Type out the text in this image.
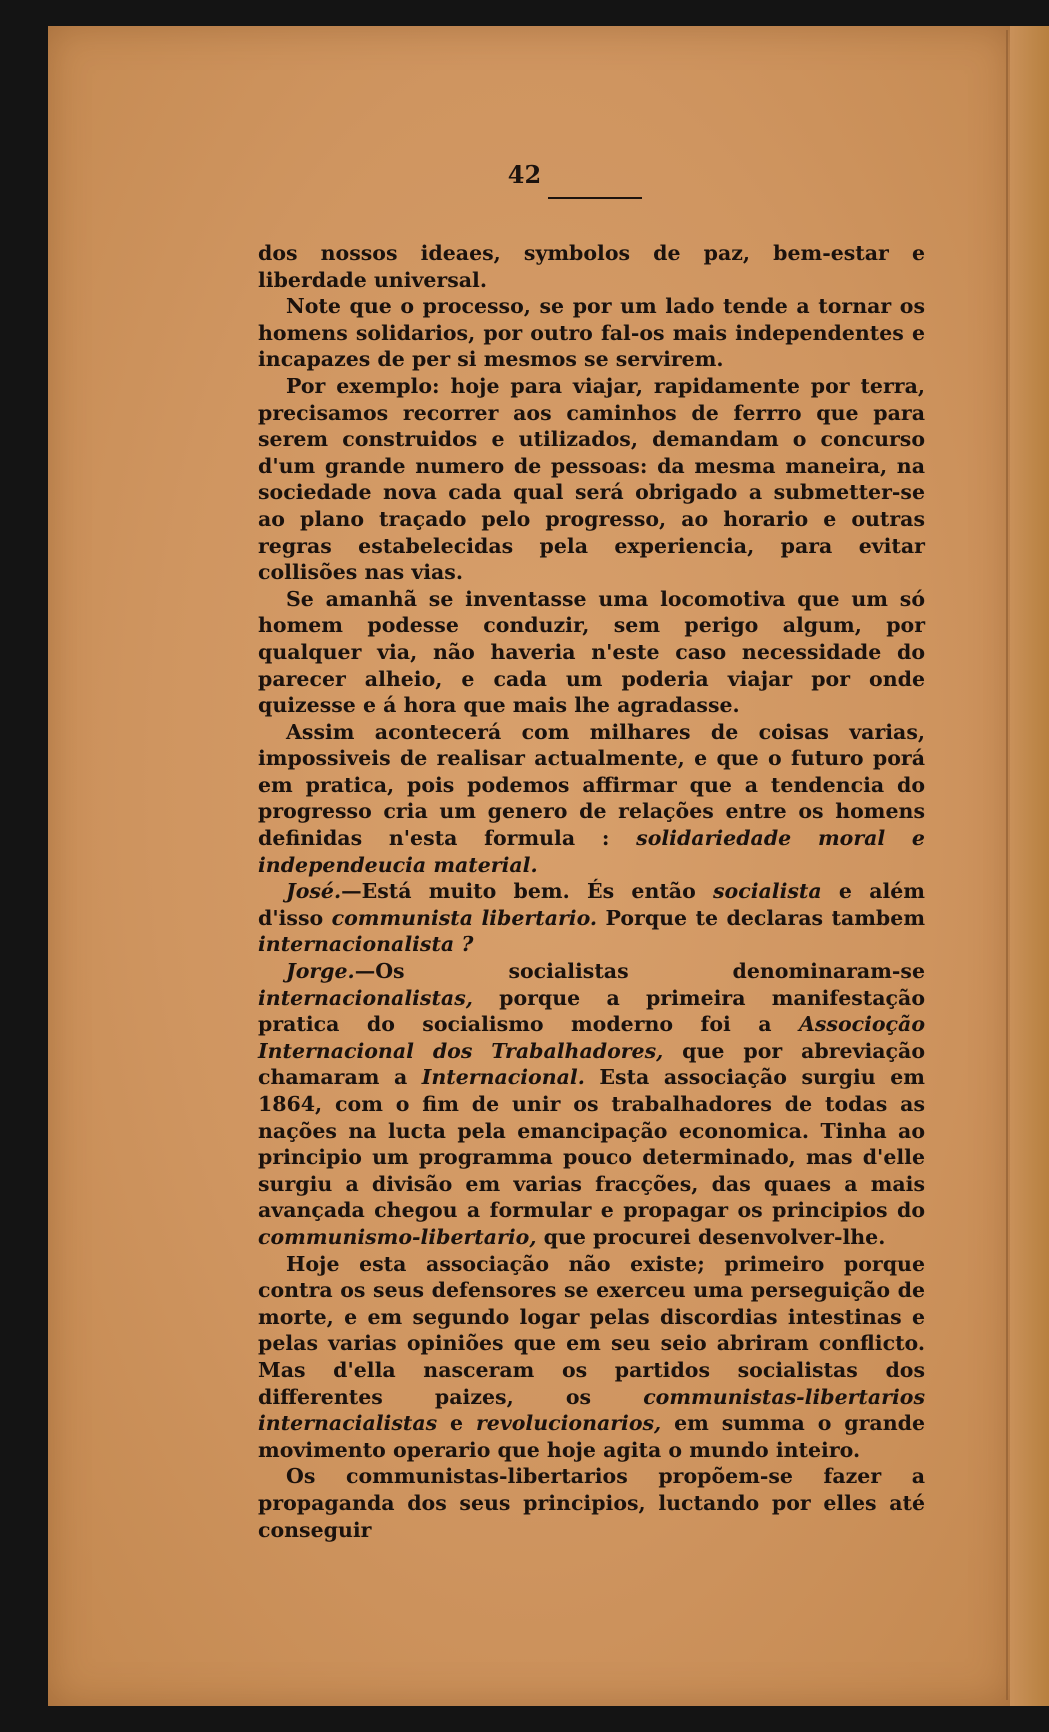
42

dos nossos ideaes, symbolos de paz, bem-estar e liberdade universal.

Note que o processo, se por um lado tende a tornar os homens solidarios, por outro fal-os mais independentes e incapazes de per si mesmos se servirem.

Por exemplo: hoje para viajar, rapidamente por terra, precisamos recorrer aos caminhos de ferrro que para serem construidos e utilizados, demandam o concurso d'um grande numero de pessoas: da mesma maneira, na sociedade nova cada qual será obrigado a submetter-se ao plano traçado pelo progresso, ao horario e outras regras estabelecidas pela experiencia, para evitar collisões nas vias.

Se amanhã se inventasse uma locomotiva que um só homem podesse conduzir, sem perigo algum, por qualquer via, não haveria n'este caso necessidade do parecer alheio, e cada um poderia viajar por onde quizesse e á hora que mais lhe agradasse.

Assim acontecerá com milhares de coisas varias, impossiveis de realisar actualmente, e que o futuro porá em pratica, pois podemos affirmar que a tendencia do progresso cria um genero de relações entre os homens definidas n'esta formula : solidariedade moral e independeucia material.

José.—Está muito bem. És então socialista e além d'isso communista libertario. Porque te declaras tambem internacionalista ?

Jorge.—Os socialistas denominaram-se internacionalistas, porque a primeira manifestação pratica do socialismo moderno foi a Associoção Internacional dos Trabalhadores, que por abreviação chamaram a Internacional. Esta associação surgiu em 1864, com o fim de unir os trabalhadores de todas as nações na lucta pela emancipação economica. Tinha ao principio um programma pouco determinado, mas d'elle surgiu a divisão em varias fracções, das quaes a mais avançada chegou a formular e propagar os principios do communismo-libertario, que procurei desenvolver-lhe.

Hoje esta associação não existe; primeiro porque contra os seus defensores se exerceu uma perseguição de morte, e em segundo logar pelas discordias intestinas e pelas varias opiniões que em seu seio abriram conflicto. Mas d'ella nasceram os partidos socialistas dos differentes paizes, os communistas-libertarios internacialistas e revolucionarios, em summa o grande movimento operario que hoje agita o mundo inteiro.

Os communistas-libertarios propõem-se fazer a propaganda dos seus principios, luctando por elles até conseguir
